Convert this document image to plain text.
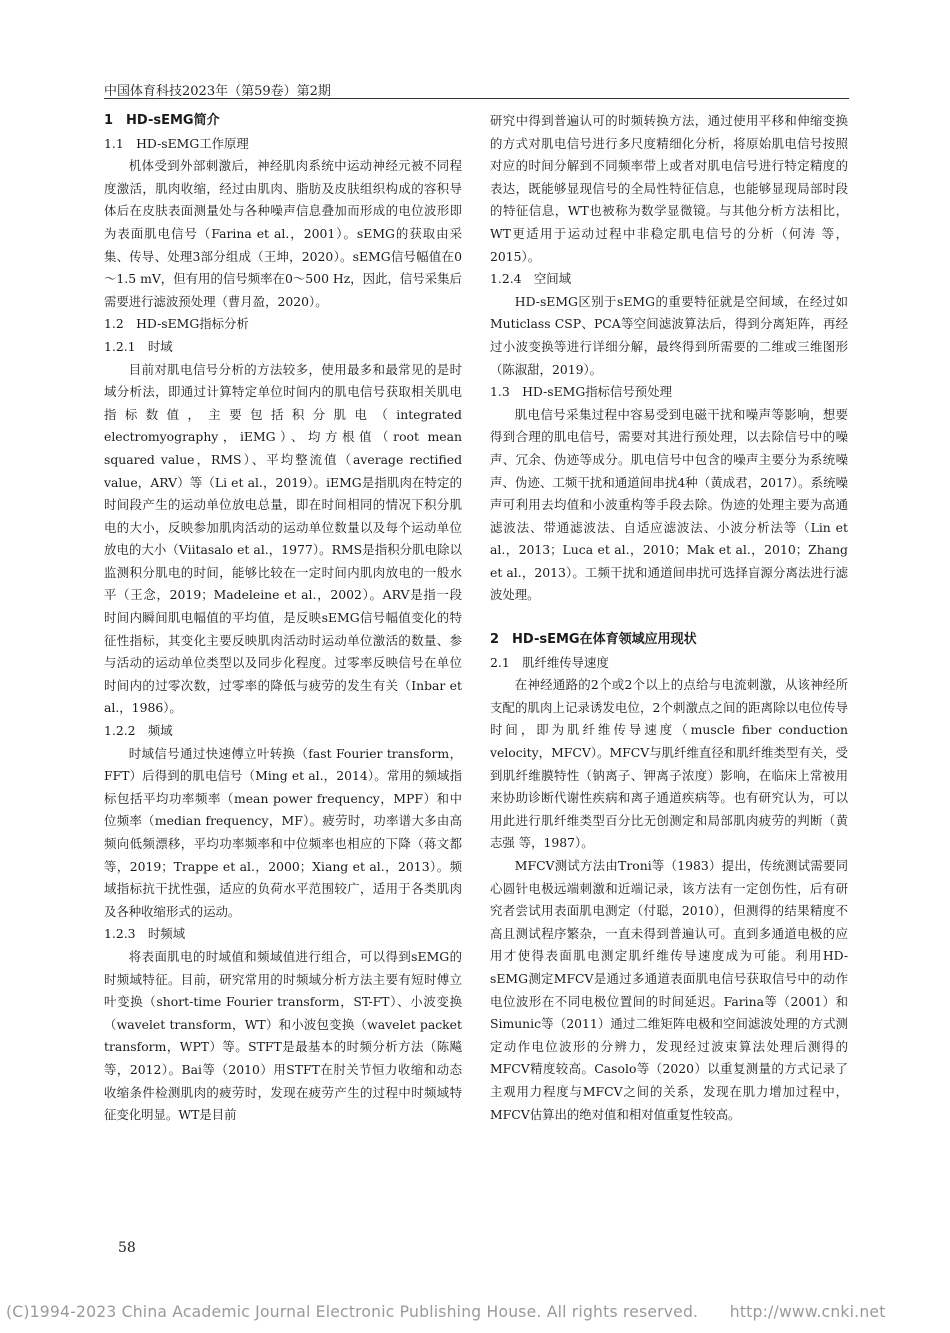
中国体育科技2023年（第59卷）第2期
1　HD-sEMG简介
1.1　HD-sEMG工作原理

机体受到外部刺激后，神经肌肉系统中运动神经元被不同程度激活，肌肉收缩，经过由肌肉、脂肪及皮肤组织构成的容积导体后在皮肤表面测量处与各种噪声信息叠加而形成的电位波形即为表面肌电信号（Farina et al.，2001）。sEMG的获取由采集、传导、处理3部分组成（王坤，2020）。sEMG信号幅值在0～1.5 mV，但有用的信号频率在0～500 Hz，因此，信号采集后需要进行滤波预处理（曹月盈，2020）。

1.2　HD-sEMG指标分析
1.2.1　时域

目前对肌电信号分析的方法较多，使用最多和最常见的是时域分析法，即通过计算特定单位时间内的肌电信号获取相关肌电指标数值，主要包括积分肌电（integrated electromyography，iEMG）、均方根值（root mean squared value，RMS）、平均整流值（average rectified value，ARV）等（Li et al.，2019）。iEMG是指肌肉在特定的时间段产生的运动单位放电总量，即在时间相同的情况下积分肌电的大小，反映参加肌肉活动的运动单位数量以及每个运动单位放电的大小（Viitasalo et al.，1977）。RMS是指积分肌电除以监测积分肌电的时间，能够比较在一定时间内肌肉放电的一般水平（王念，2019；Madeleine et al.，2002）。ARV是指一段时间内瞬间肌电幅值的平均值，是反映sEMG信号幅值变化的特征性指标，其变化主要反映肌肉活动时运动单位激活的数量、参与活动的运动单位类型以及同步化程度。过零率反映信号在单位时间内的过零次数，过零率的降低与疲劳的发生有关（Inbar et al.，1986）。

1.2.2　频域

时域信号通过快速傅立叶转换（fast Fourier transform，FFT）后得到的肌电信号（Ming et al.，2014）。常用的频域指标包括平均功率频率（mean power frequency，MPF）和中位频率（median frequency，MF）。疲劳时，功率谱大多由高频向低频漂移，平均功率频率和中位频率也相应的下降（蒋文都 等，2019；Trappe et al.，2000；Xiang et al.，2013）。频域指标抗干扰性强，适应的负荷水平范围较广，适用于各类肌肉及各种收缩形式的运动。

1.2.3　时频域

将表面肌电的时域值和频域值进行组合，可以得到sEMG的时频域特征。目前，研究常用的时频域分析方法主要有短时傅立叶变换（short-time Fourier transform，ST-FT）、小波变换（wavelet transform，WT）和小波包变换（wavelet packet transform，WPT）等。STFT是最基本的时频分析方法（陈飚 等，2012）。Bai等（2010）用STFT在肘关节恒力收缩和动态收缩条件检测肌肉的疲劳时，发现在疲劳产生的过程中时频域特征变化明显。WT是目前

研究中得到普遍认可的时频转换方法，通过使用平移和伸缩变换的方式对肌电信号进行多尺度精细化分析，将原始肌电信号按照对应的时间分解到不同频率带上或者对肌电信号进行特定精度的表达，既能够显现信号的全局性特征信息，也能够显现局部时段的特征信息，WT也被称为数学显微镜。与其他分析方法相比，WT更适用于运动过程中非稳定肌电信号的分析（何涛 等，2015）。

1.2.4　空间域

HD-sEMG区别于sEMG的重要特征就是空间域，在经过如Muticlass CSP、PCA等空间滤波算法后，得到分离矩阵，再经过小波变换等进行详细分解，最终得到所需要的二维或三维图形（陈淑甜，2019）。

1.3　HD-sEMG指标信号预处理

肌电信号采集过程中容易受到电磁干扰和噪声等影响，想要得到合理的肌电信号，需要对其进行预处理，以去除信号中的噪声、冗余、伪迹等成分。肌电信号中包含的噪声主要分为系统噪声、伪迹、工频干扰和通道间串扰4种（黄成君，2017）。系统噪声可利用去均值和小波重构等手段去除。伪迹的处理主要为高通滤波法、带通滤波法、自适应滤波法、小波分析法等（Lin et al.，2013；Luca et al.，2010；Mak et al.，2010；Zhang et al.，2013）。工频干扰和通道间串扰可选择盲源分离法进行滤波处理。

2　HD-sEMG在体育领域应用现状
2.1　肌纤维传导速度

在神经通路的2个或2个以上的点给与电流刺激，从该神经所支配的肌肉上记录诱发电位，2个刺激点之间的距离除以电位传导时间，即为肌纤维传导速度（muscle fiber conduction velocity，MFCV）。MFCV与肌纤维直径和肌纤维类型有关，受到肌纤维膜特性（钠离子、钾离子浓度）影响，在临床上常被用来协助诊断代谢性疾病和离子通道疾病等。也有研究认为，可以用此进行肌纤维类型百分比无创测定和局部肌肉疲劳的判断（黄志强 等，1987）。

MFCV测试方法由Troni等（1983）提出，传统测试需要同心圆针电极远端刺激和近端记录，该方法有一定创伤性，后有研究者尝试用表面肌电测定（付聪，2010），但测得的结果精度不高且测试程序繁杂，一直未得到普遍认可。直到多通道电极的应用才使得表面肌电测定肌纤维传导速度成为可能。利用HD-sEMG测定MFCV是通过多通道表面肌电信号获取信号中的动作电位波形在不同电极位置间的时间延迟。Farina等（2001）和Simunic等（2011）通过二维矩阵电极和空间滤波处理的方式测定动作电位波形的分辨力，发现经过波束算法处理后测得的MFCV精度较高。Casolo等（2020）以重复测量的方式记录了主观用力程度与MFCV之间的关系，发现在肌力增加过程中，MFCV估算出的绝对值和相对值重复性较高。

58
(C)1994-2023 China Academic Journal Electronic Publishing House. All rights reserved.　　http://www.cnki.net
